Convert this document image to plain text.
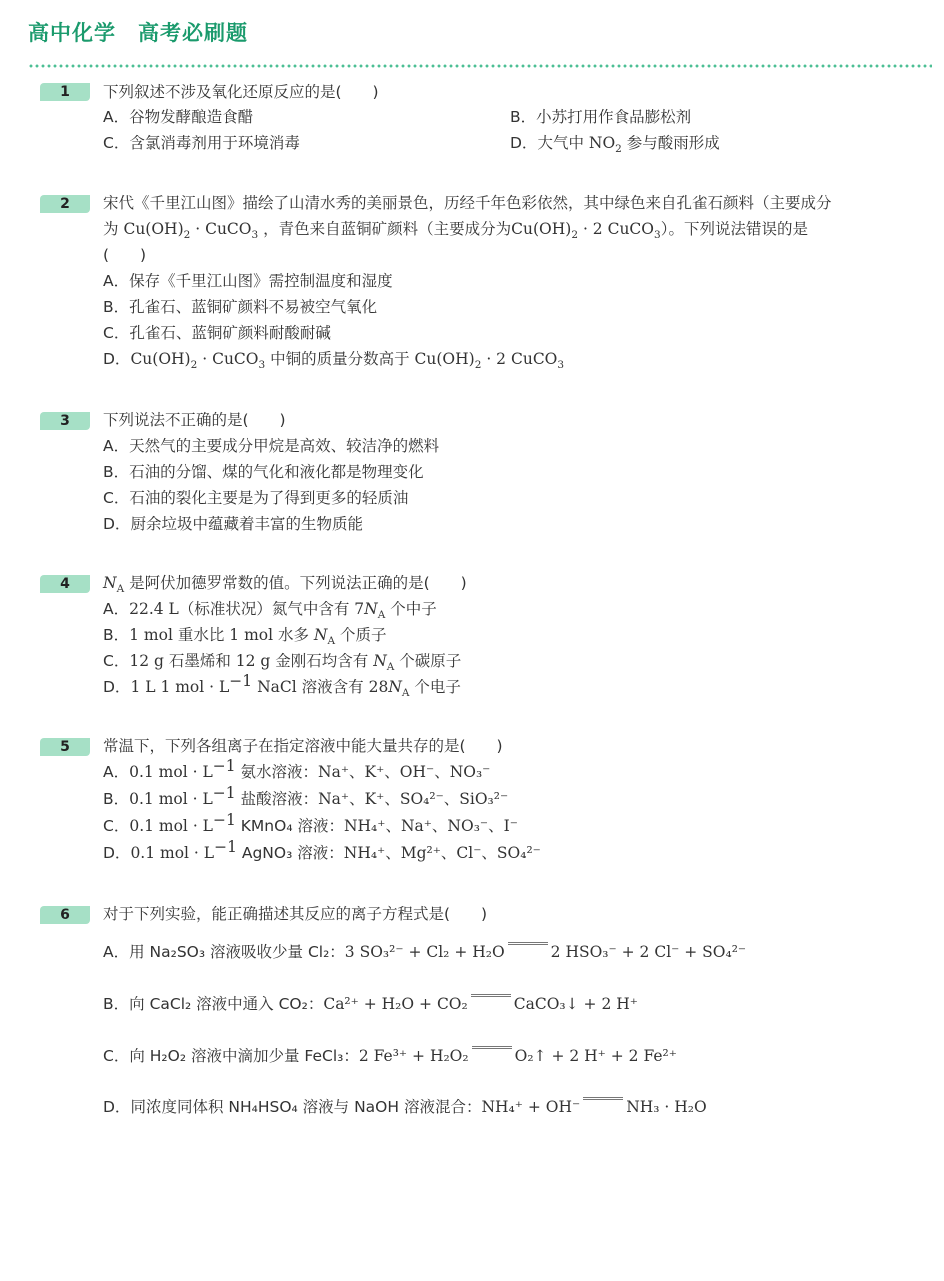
高中化学　高考必刷题
1	下列叙述不涉及氧化还原反应的是(　　)
A．谷物发酵酿造食醋	B．小苏打用作食品膨松剂
C．含氯消毒剂用于环境消毒	D．大气中 $NO_2$ 参与酸雨形成
2	宋代《千里江山图》描绘了山清水秀的美丽景色，历经千年色彩依然，其中绿色来自孔雀石颜料（主要成分
为 $Cu(OH)_2$ · CuCO$_3$ ，青色来自蓝铜矿颜料（主要成分为$Cu(OH)_2 \cdot 2$ CuCO$_3$）。下列说法错误的是
(　　)
A．保存《千里江山图》需控制温度和湿度
B．孔雀石、蓝铜矿颜料不易被空气氧化
C．孔雀石、蓝铜矿颜料耐酸耐碱
D．$Cu(OH)_2$ · CuCO$_3$ 中铜的质量分数高于 $Cu(OH)_2 \cdot 2$ CuCO$_3$
3	下列说法不正确的是(　　)
A．天然气的主要成分甲烷是高效、较洁净的燃料
B．石油的分馏、煤的气化和液化都是物理变化
C．石油的裂化主要是为了得到更多的轻质油
D．厨余垃圾中蕴藏着丰富的生物质能
4	$N_A$ 是阿伏加德罗常数的值。下列说法正确的是(　　)
A．22.4 L（标准状况）氮气中含有 $7N_A$ 个中子
B．1 mol 重水比 1 mol 水多 $N_A$ 个质子
C．12 g 石墨烯和 12 g 金刚石均含有 $N_A$ 个碳原子
D．1 L 1 mol · $L^{-1}$ NaCl 溶液含有 $28N_A$ 个电子
5	常温下，下列各组离子在指定溶液中能大量共存的是(　　)
A．0.1 mol · $L^{-1}$ 氨水溶液：Na⁺、K⁺、OH⁻、NO₃⁻
B．0.1 mol · $L^{-1}$ 盐酸溶液：Na⁺、K⁺、SO₄²⁻、SiO₃²⁻
C．0.1 mol · $L^{-1}$ KMnO₄ 溶液：NH₄⁺、Na⁺、NO₃⁻、I⁻
D．0.1 mol · $L^{-1}$ AgNO₃ 溶液：NH₄⁺、Mg²⁺、Cl⁻、SO₄²⁻
6	对于下列实验，能正确描述其反应的离子方程式是(　　)
A．用 Na₂SO₃ 溶液吸收少量 Cl₂：3 SO₃²⁻ + Cl₂ + H₂O	2 HSO₃⁻ + 2 Cl⁻ + SO₄²⁻
B．向 CaCl₂ 溶液中通入 CO₂：Ca²⁺ + H₂O + CO₂	CaCO₃↓ + 2 H⁺
C．向 H₂O₂ 溶液中滴加少量 FeCl₃：2 Fe³⁺ + H₂O₂	O₂↑ + 2 H⁺ + 2 Fe²⁺
D．同浓度同体积 NH₄HSO₄ 溶液与 NaOH 溶液混合：NH₄⁺ + OH⁻	NH₃ · H₂O
